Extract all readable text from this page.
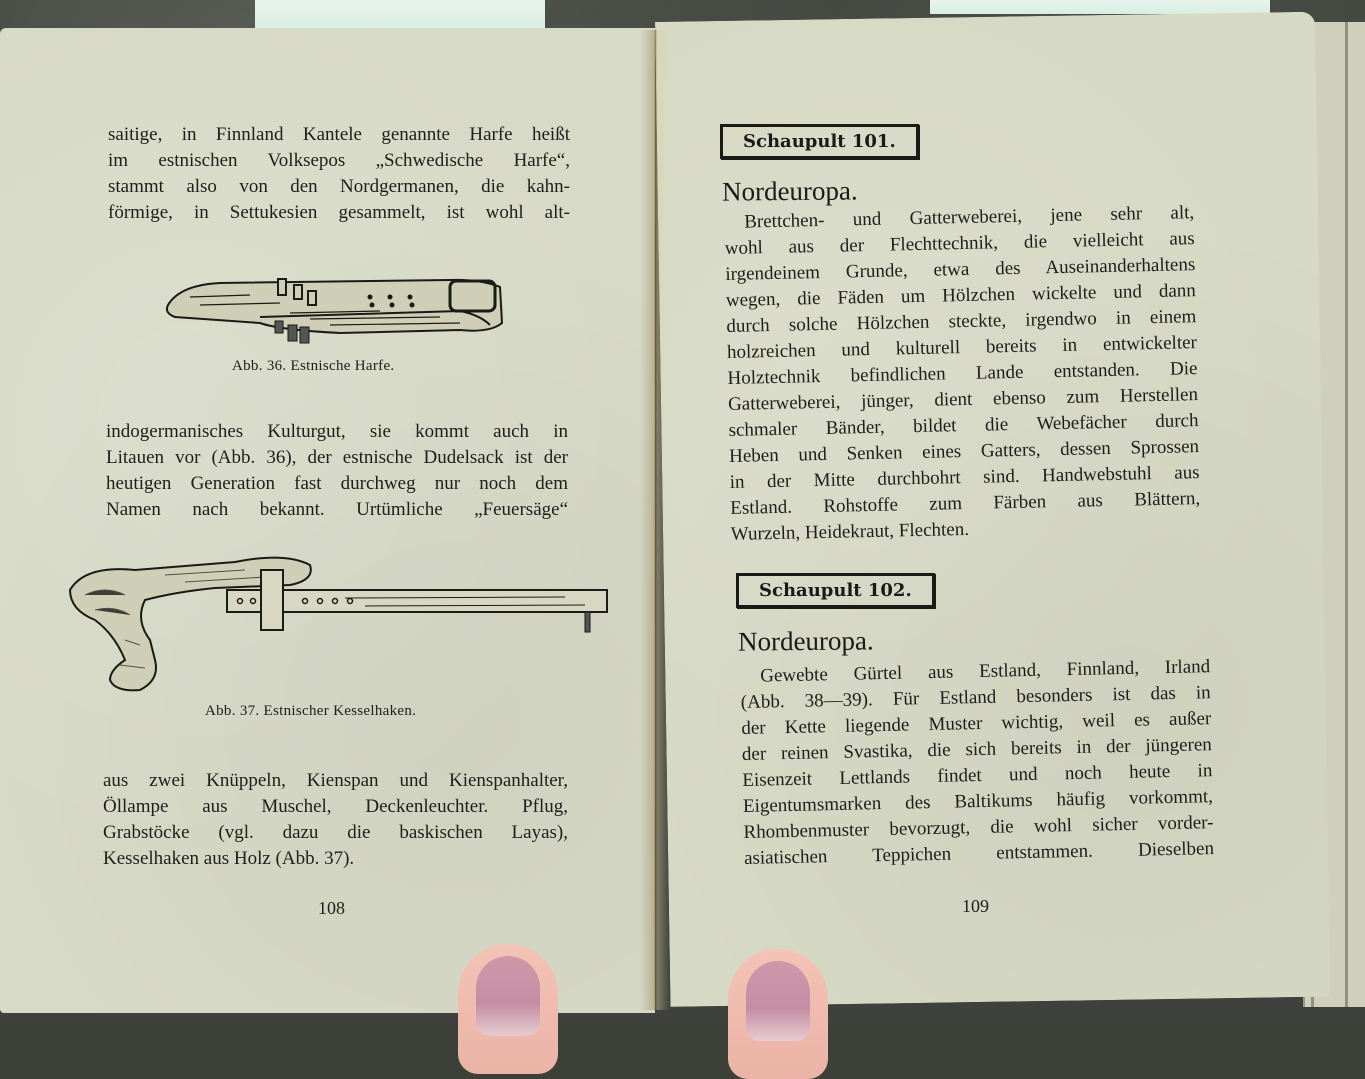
saitige, in Finnland Kantele genannte Harfe heißt
im estnischen Volksepos „Schwedische Harfe“,
stammt also von den Nordgermanen, die kahn-
förmige, in Settukesien gesammelt, ist wohl alt-
Abb. 36. Estnische Harfe.
indogermanisches Kulturgut, sie kommt auch in
Litauen vor (Abb. 36), der estnische Dudelsack ist der
heutigen Generation fast durchweg nur noch dem
Namen nach bekannt. Urtümliche „Feuersäge“
Abb. 37. Estnischer Kesselhaken.
aus zwei Knüppeln, Kienspan und Kienspanhalter,
Öllampe aus Muschel, Deckenleuchter. Pflug,
Grabstöcke (vgl. dazu die baskischen Layas),
Kesselhaken aus Holz (Abb. 37).
108
Schaupult 101.
Nordeuropa.
Brettchen- und Gatterweberei, jene sehr alt,
wohl aus der Flechttechnik, die vielleicht aus
irgendeinem Grunde, etwa des Auseinanderhaltens
wegen, die Fäden um Hölzchen wickelte und dann
durch solche Hölzchen steckte, irgendwo in einem
holzreichen und kulturell bereits in entwickelter
Holztechnik befindlichen Lande entstanden. Die
Gatterweberei, jünger, dient ebenso zum Herstellen
schmaler Bänder, bildet die Webefächer durch
Heben und Senken eines Gatters, dessen Sprossen
in der Mitte durchbohrt sind. Handwebstuhl aus
Estland. Rohstoffe zum Färben aus Blättern,
Wurzeln, Heidekraut, Flechten.
Schaupult 102.
Nordeuropa.
Gewebte Gürtel aus Estland, Finnland, Irland
(Abb. 38—39). Für Estland besonders ist das in
der Kette liegende Muster wichtig, weil es außer
der reinen Svastika, die sich bereits in der jüngeren
Eisenzeit Lettlands findet und noch heute in
Eigentumsmarken des Baltikums häufig vorkommt,
Rhombenmuster bevorzugt, die wohl sicher vorder-
asiatischen Teppichen entstammen. Dieselben
109
